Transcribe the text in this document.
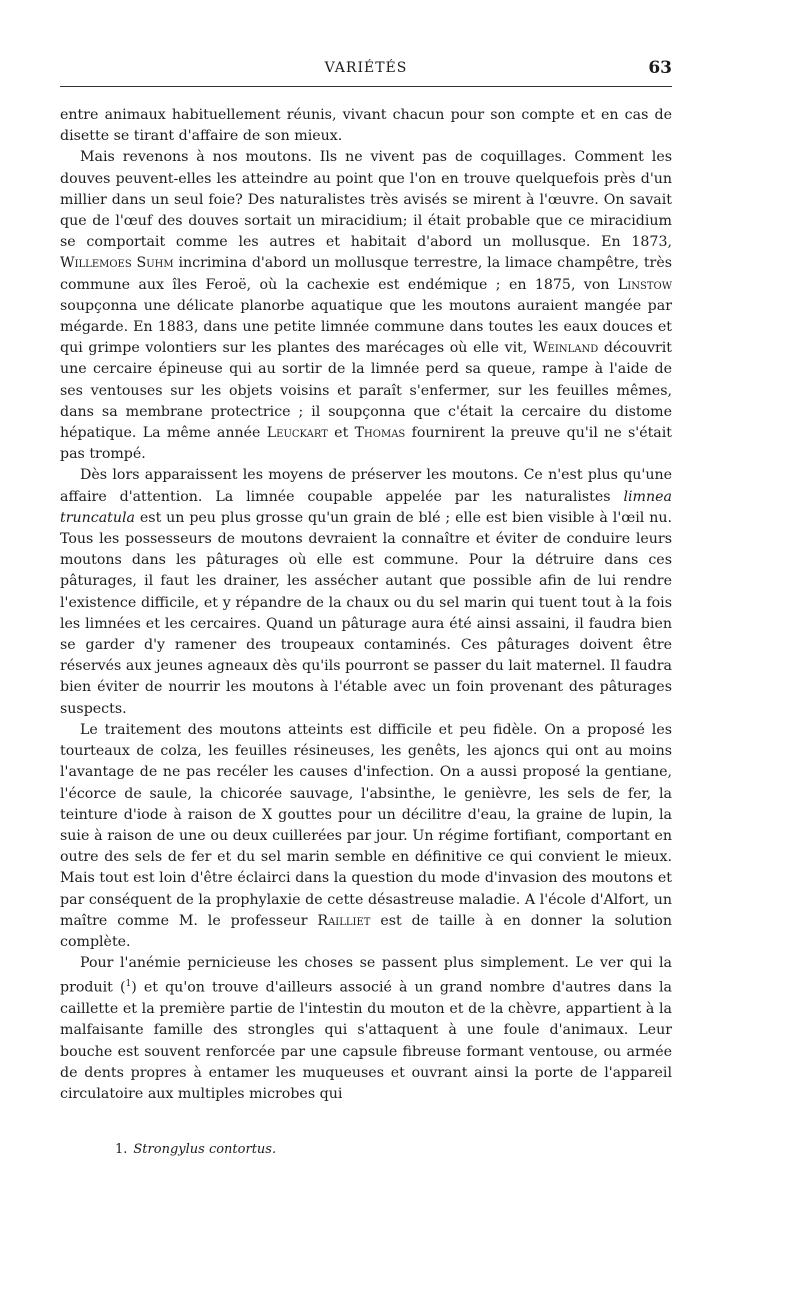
VARIÉTÉS	63

entre animaux habituellement réunis, vivant chacun pour son compte et en cas de disette se tirant d'affaire de son mieux.

Mais revenons à nos moutons. Ils ne vivent pas de coquillages. Comment les douves peuvent-elles les atteindre au point que l'on en trouve quelquefois près d'un millier dans un seul foie? Des naturalistes très avisés se mirent à l'œuvre. On savait que de l'œuf des douves sortait un miracidium; il était probable que ce miracidium se comportait comme les autres et habitait d'abord un mollusque. En 1873, Willemoes Suhm incrimina d'abord un mollusque terrestre, la limace champêtre, très commune aux îles Feroë, où la cachexie est endémique ; en 1875, von Linstow soupçonna une délicate planorbe aquatique que les moutons auraient mangée par mégarde. En 1883, dans une petite limnée commune dans toutes les eaux douces et qui grimpe volontiers sur les plantes des marécages où elle vit, Weinland découvrit une cercaire épineuse qui au sortir de la limnée perd sa queue, rampe à l'aide de ses ventouses sur les objets voisins et paraît s'enfermer, sur les feuilles mêmes, dans sa membrane protectrice ; il soupçonna que c'était la cercaire du distome hépatique. La même année Leuckart et Thomas fournirent la preuve qu'il ne s'était pas trompé.

Dès lors apparaissent les moyens de préserver les moutons. Ce n'est plus qu'une affaire d'attention. La limnée coupable appelée par les naturalistes limnea truncatula est un peu plus grosse qu'un grain de blé ; elle est bien visible à l'œil nu. Tous les possesseurs de moutons devraient la connaître et éviter de conduire leurs moutons dans les pâturages où elle est commune. Pour la détruire dans ces pâturages, il faut les drainer, les assécher autant que possible afin de lui rendre l'existence difficile, et y répandre de la chaux ou du sel marin qui tuent tout à la fois les limnées et les cercaires. Quand un pâturage aura été ainsi assaini, il faudra bien se garder d'y ramener des troupeaux contaminés. Ces pâturages doivent être réservés aux jeunes agneaux dès qu'ils pourront se passer du lait maternel. Il faudra bien éviter de nourrir les moutons à l'étable avec un foin provenant des pâturages suspects.

Le traitement des moutons atteints est difficile et peu fidèle. On a proposé les tourteaux de colza, les feuilles résineuses, les genêts, les ajoncs qui ont au moins l'avantage de ne pas recéler les causes d'infection. On a aussi proposé la gentiane, l'écorce de saule, la chicorée sauvage, l'absinthe, le genièvre, les sels de fer, la teinture d'iode à raison de X gouttes pour un décilitre d'eau, la graine de lupin, la suie à raison de une ou deux cuillerées par jour. Un régime fortifiant, comportant en outre des sels de fer et du sel marin semble en définitive ce qui convient le mieux. Mais tout est loin d'être éclairci dans la question du mode d'invasion des moutons et par conséquent de la prophylaxie de cette désastreuse maladie. A l'école d'Alfort, un maître comme M. le professeur Railliet est de taille à en donner la solution complète.

Pour l'anémie pernicieuse les choses se passent plus simplement. Le ver qui la produit ($^1$) et qu'on trouve d'ailleurs associé à un grand nombre d'autres dans la caillette et la première partie de l'intestin du mouton et de la chèvre, appartient à la malfaisante famille des strongles qui s'attaquent à une foule d'animaux. Leur bouche est souvent renforcée par une capsule fibreuse formant ventouse, ou armée de dents propres à entamer les muqueuses et ouvrant ainsi la porte de l'appareil circulatoire aux multiples microbes qui

1. Strongylus contortus.
